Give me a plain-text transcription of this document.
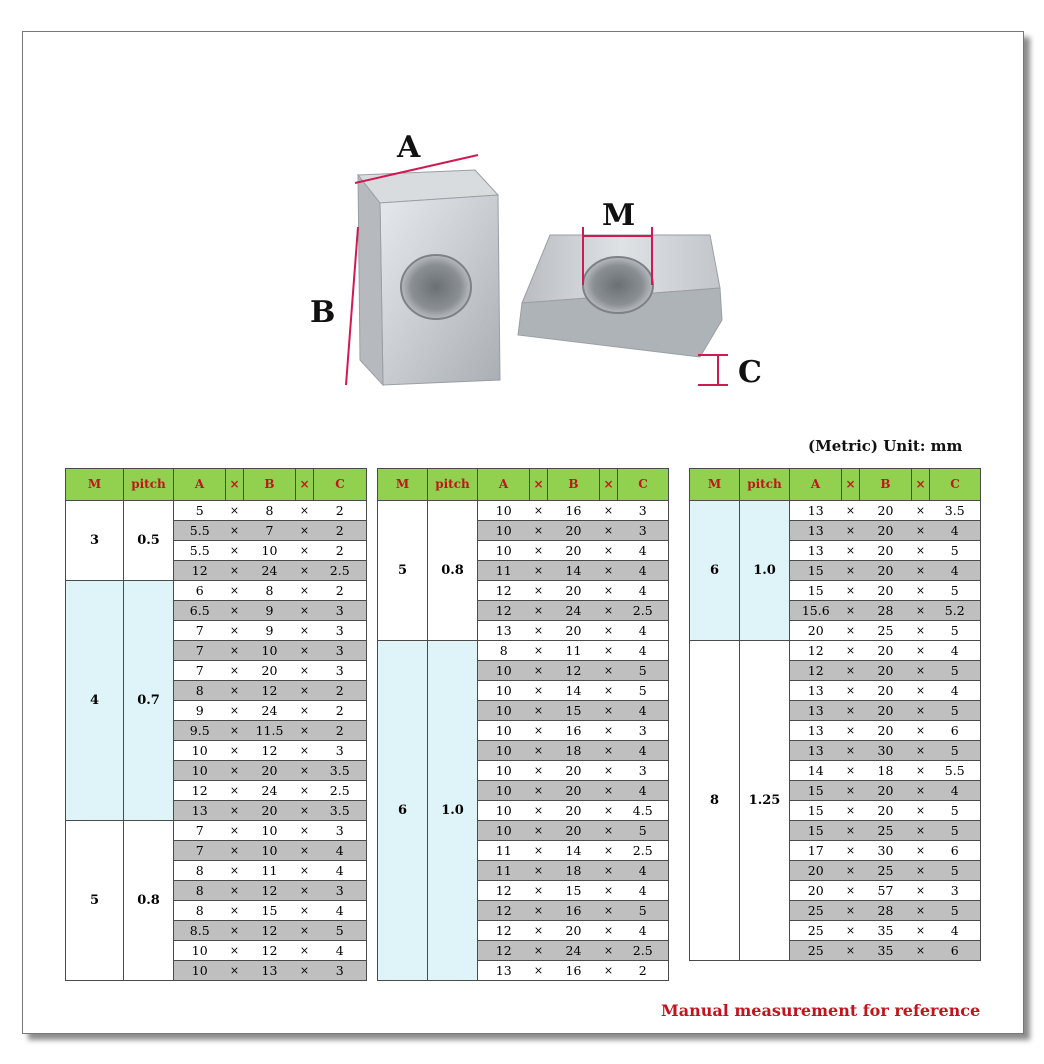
A
B
M
C
(Metric) Unit: mm
M	pitch	A	×	B	×	C
3	0.5	5	×	8	×	2
		5.5	×	7	×	2
		5.5	×	10	×	2
		12	×	24	×	2.5
4	0.7	6	×	8	×	2
		6.5	×	9	×	3
		7	×	9	×	3
		7	×	10	×	3
		7	×	20	×	3
		8	×	12	×	2
		9	×	24	×	2
		9.5	×	11.5	×	2
		10	×	12	×	3
		10	×	20	×	3.5
		12	×	24	×	2.5
		13	×	20	×	3.5
5	0.8	7	×	10	×	3
		7	×	10	×	4
		8	×	11	×	4
		8	×	12	×	3
		8	×	15	×	4
		8.5	×	12	×	5
		10	×	12	×	4
		10	×	13	×	3
M	pitch	A	×	B	×	C
5	0.8	10	×	16	×	3
		10	×	20	×	3
		10	×	20	×	4
		11	×	14	×	4
		12	×	20	×	4
		12	×	24	×	2.5
		13	×	20	×	4
6	1.0	8	×	11	×	4
		10	×	12	×	5
		10	×	14	×	5
		10	×	15	×	4
		10	×	16	×	3
		10	×	18	×	4
		10	×	20	×	3
		10	×	20	×	4
		10	×	20	×	4.5
		10	×	20	×	5
		11	×	14	×	2.5
		11	×	18	×	4
		12	×	15	×	4
		12	×	16	×	5
		12	×	20	×	4
		12	×	24	×	2.5
		13	×	16	×	2
M	pitch	A	×	B	×	C
6	1.0	13	×	20	×	3.5
		13	×	20	×	4
		13	×	20	×	5
		15	×	20	×	4
		15	×	20	×	5
		15.6	×	28	×	5.2
		20	×	25	×	5
8	1.25	12	×	20	×	4
		12	×	20	×	5
		13	×	20	×	4
		13	×	20	×	5
		13	×	20	×	6
		13	×	30	×	5
		14	×	18	×	5.5
		15	×	20	×	4
		15	×	20	×	5
		15	×	25	×	5
		17	×	30	×	6
		20	×	25	×	5
		20	×	57	×	3
		25	×	28	×	5
		25	×	35	×	4
		25	×	35	×	6
Manual measurement for reference
